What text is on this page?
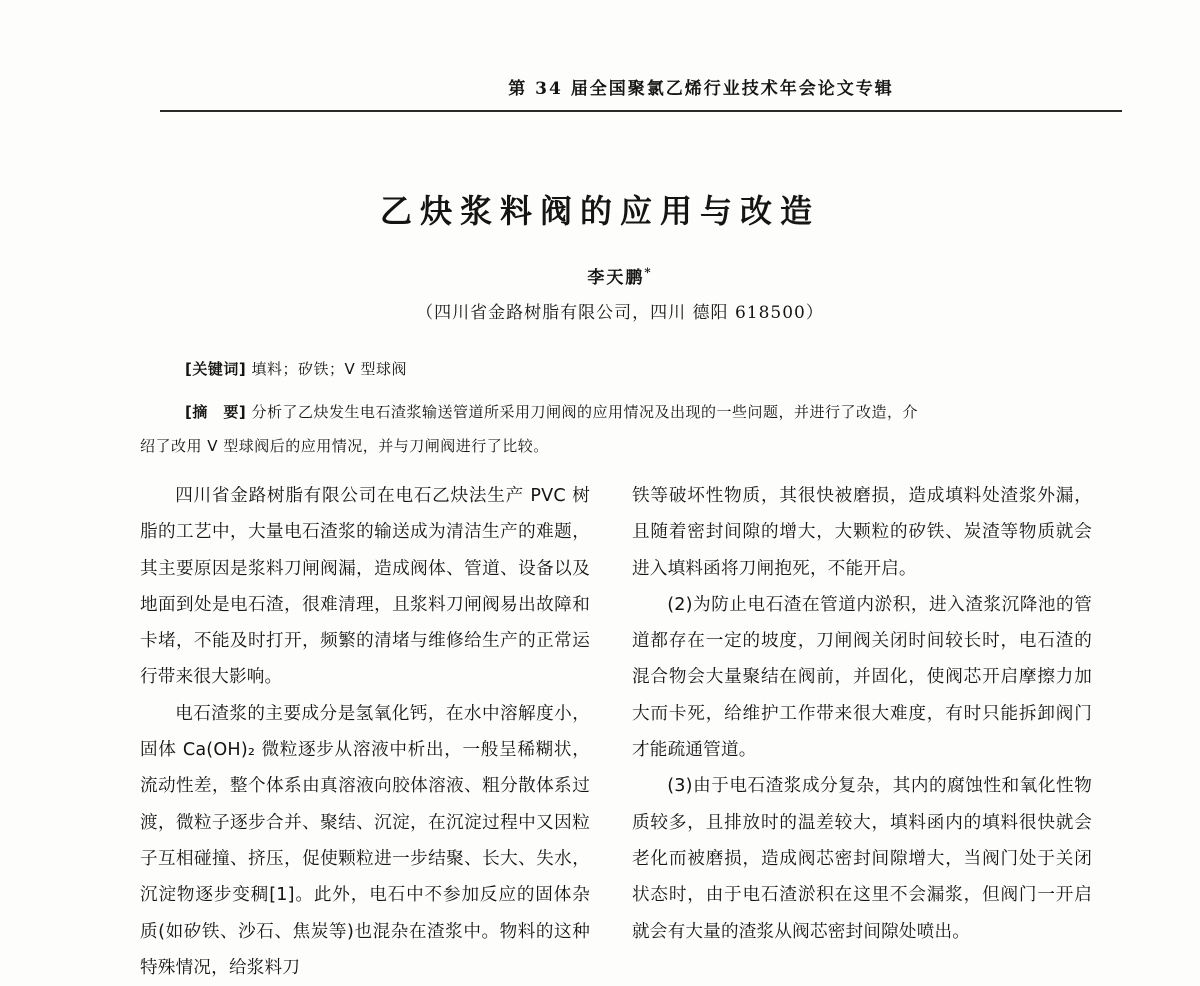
第 34 届全国聚氯乙烯行业技术年会论文专辑
乙炔浆料阀的应用与改造
李天鹏*
（四川省金路树脂有限公司，四川 德阳 618500）
[关键词] 填料；矽铁；V 型球阀
[摘　要] 分析了乙炔发生电石渣浆输送管道所采用刀闸阀的应用情况及出现的一些问题，并进行了改造，介
绍了改用 V 型球阀后的应用情况，并与刀闸阀进行了比较。

四川省金路树脂有限公司在电石乙炔法生产 PVC 树脂的工艺中，大量电石渣浆的输送成为清洁生产的难题，其主要原因是浆料刀闸阀漏，造成阀体、管道、设备以及地面到处是电石渣，很难清理，且浆料刀闸阀易出故障和卡堵，不能及时打开，频繁的清堵与维修给生产的正常运行带来很大影响。

电石渣浆的主要成分是氢氧化钙，在水中溶解度小，固体 Ca(OH)₂ 微粒逐步从溶液中析出，一般呈稀糊状，流动性差，整个体系由真溶液向胶体溶液、粗分散体系过渡，微粒子逐步合并、聚结、沉淀，在沉淀过程中又因粒子互相碰撞、挤压，促使颗粒进一步结聚、长大、失水，沉淀物逐步变稠[1]。此外，电石中不参加反应的固体杂质(如矽铁、沙石、焦炭等)也混杂在渣浆中。物料的这种特殊情况，给浆料刀

铁等破坏性物质，其很快被磨损，造成填料处渣浆外漏，且随着密封间隙的增大，大颗粒的矽铁、炭渣等物质就会进入填料函将刀闸抱死，不能开启。

(2)为防止电石渣在管道内淤积，进入渣浆沉降池的管道都存在一定的坡度，刀闸阀关闭时间较长时，电石渣的混合物会大量聚结在阀前，并固化，使阀芯开启摩擦力加大而卡死，给维护工作带来很大难度，有时只能拆卸阀门才能疏通管道。

(3)由于电石渣浆成分复杂，其内的腐蚀性和氧化性物质较多，且排放时的温差较大，填料函内的填料很快就会老化而被磨损，造成阀芯密封间隙增大，当阀门处于关闭状态时，由于电石渣淤积在这里不会漏浆，但阀门一开启就会有大量的渣浆从阀芯密封间隙处喷出。
